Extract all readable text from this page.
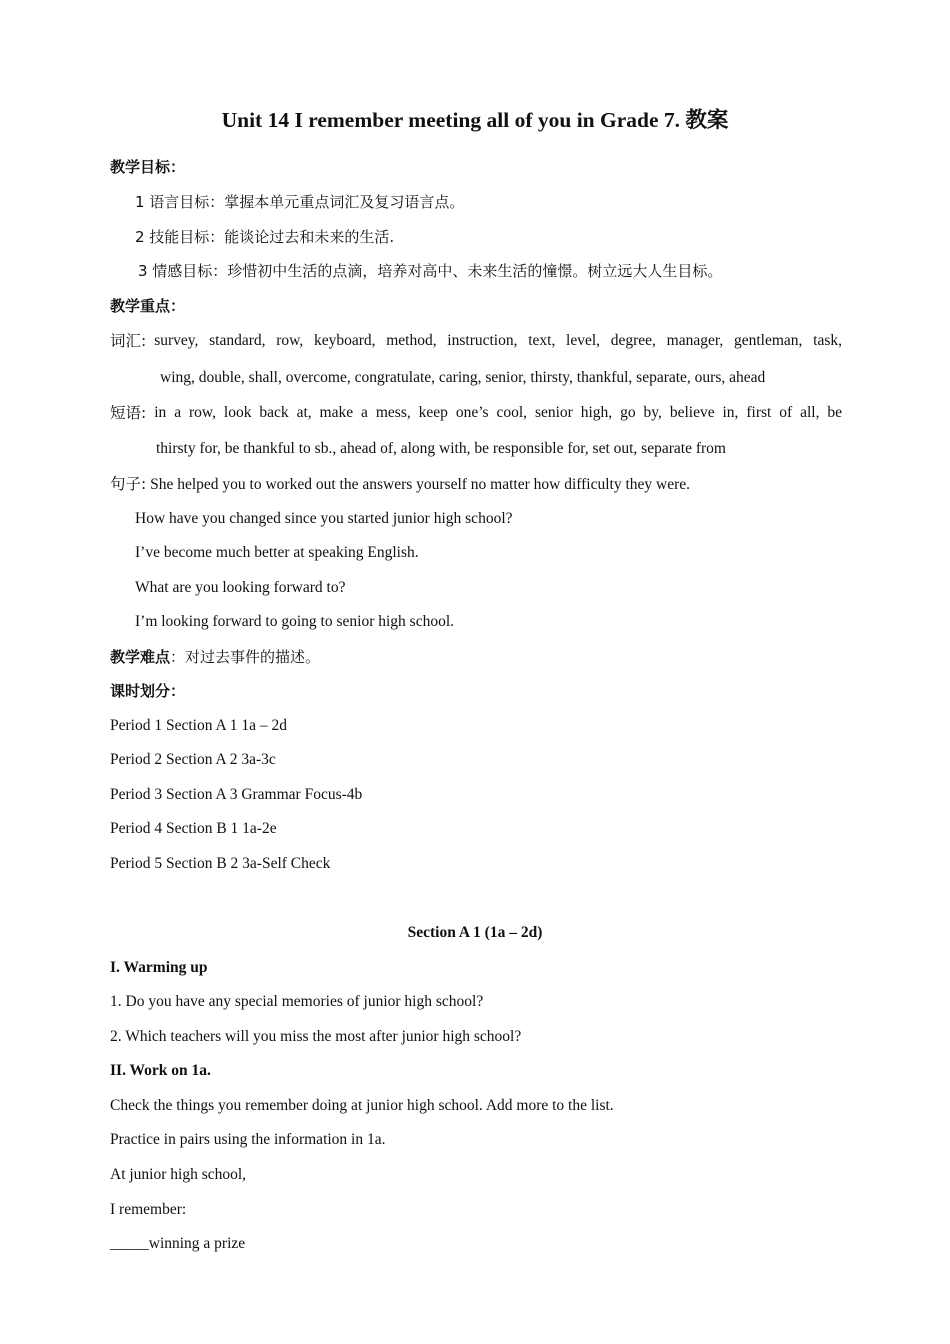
Unit 14 I remember meeting all of you in Grade 7. 教案
教学目标：
1 语言目标：掌握本单元重点词汇及复习语言点。
2 技能目标：能谈论过去和未来的生活.
3 情感目标：珍惜初中生活的点滴，培养对高中、未来生活的憧憬。树立远大人生目标。
教学重点：
词汇: survey, standard, row, keyboard, method, instruction, text, level, degree, manager, gentleman, task,
wing, double, shall, overcome, congratulate, caring, senior, thirsty, thankful, separate, ours, ahead
短语: in a row, look back at, make a mess, keep one’s cool, senior high, go by, believe in, first of all, be
thirsty for, be thankful to sb., ahead of, along with, be responsible for, set out, separate from
句子: She helped you to worked out the answers yourself no matter how difficulty they were.
How have you changed since you started junior high school?
I’ve become much better at speaking English.
What are you looking forward to?
I’m looking forward to going to senior high school.
教学难点：对过去事件的描述。
课时划分：
Period 1 Section A 1 1a – 2d
Period 2 Section A 2 3a-3c
Period 3 Section A 3 Grammar Focus-4b
Period 4 Section B 1 1a-2e
Period 5 Section B 2 3a-Self Check
Section A 1 (1a – 2d)
I. Warming up
1. Do you have any special memories of junior high school?
2. Which teachers will you miss the most after junior high school?
II. Work on 1a.
Check the things you remember doing at junior high school. Add more to the list.
Practice in pairs using the information in 1a.
At junior high school,
I remember:
_____winning a prize
